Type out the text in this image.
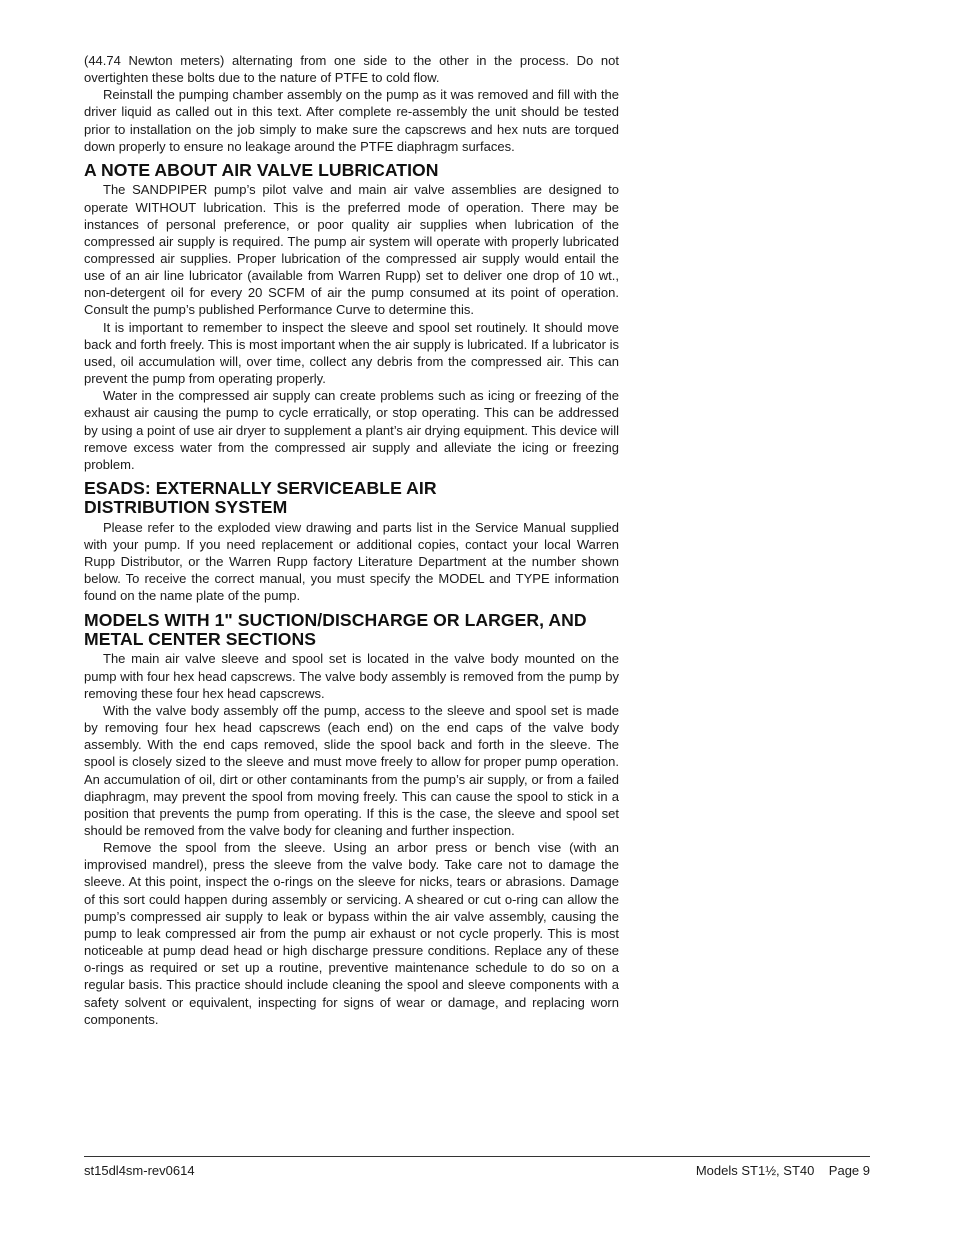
(44.74 Newton meters) alternating from one side to the other in the process. Do not overtighten these bolts due to the nature of PTFE to cold flow.

Reinstall the pumping chamber assembly on the pump as it was removed and fill with the driver liquid as called out in this text. After complete re-assembly the unit should be tested prior to installation on the job simply to make sure the capscrews and hex nuts are torqued down properly to ensure no leakage around the PTFE diaphragm surfaces.

A NOTE ABOUT AIR VALVE LUBRICATION

The SANDPIPER pump’s pilot valve and main air valve assemblies are designed to operate WITHOUT lubrication. This is the preferred mode of operation. There may be instances of personal preference, or poor quality air supplies when lubrication of the compressed air supply is required. The pump air system will operate with properly lubricated compressed air supplies. Proper lubrication of the compressed air supply would entail the use of an air line lubricator (available from Warren Rupp) set to deliver one drop of 10 wt., non-detergent oil for every 20 SCFM of air the pump consumed at its point of operation. Consult the pump’s published Performance Curve to determine this.

It is important to remember to inspect the sleeve and spool set routinely. It should move back and forth freely. This is most important when the air supply is lubricated. If a lubricator is used, oil accumulation will, over time, collect any debris from the compressed air. This can prevent the pump from operating properly.

Water in the compressed air supply can create problems such as icing or freezing of the exhaust air causing the pump to cycle erratically, or stop operating. This can be addressed by using a point of use air dryer to supplement a plant’s air drying equipment. This device will remove excess water from the compressed air supply and alleviate the icing or freezing problem.

ESADS: EXTERNALLY SERVICEABLE AIR
DISTRIBUTION SYSTEM

Please refer to the exploded view drawing and parts list in the Service Manual supplied with your pump. If you need replacement or additional copies, contact your local Warren Rupp Distributor, or the Warren Rupp factory Literature Department at the number shown below. To receive the correct manual, you must specify the MODEL and TYPE information found on the name plate of the pump.

MODELS WITH 1" SUCTION/DISCHARGE OR LARGER, AND
METAL CENTER SECTIONS

The main air valve sleeve and spool set is located in the valve body mounted on the pump with four hex head capscrews. The valve body assembly is removed from the pump by removing these four hex head capscrews.

With the valve body assembly off the pump, access to the sleeve and spool set is made by removing four hex head capscrews (each end) on the end caps of the valve body assembly. With the end caps removed, slide the spool back and forth in the sleeve. The spool is closely sized to the sleeve and must move freely to allow for proper pump operation. An accumulation of oil, dirt or other contaminants from the pump’s air supply, or from a failed diaphragm, may prevent the spool from moving freely. This can cause the spool to stick in a position that prevents the pump from operating. If this is the case, the sleeve and spool set should be removed from the valve body for cleaning and further inspection.

Remove the spool from the sleeve. Using an arbor press or bench vise (with an improvised mandrel), press the sleeve from the valve body. Take care not to damage the sleeve. At this point, inspect the o-rings on the sleeve for nicks, tears or abrasions. Damage of this sort could happen during assembly or servicing. A sheared or cut o-ring can allow the pump’s compressed air supply to leak or bypass within the air valve assembly, causing the pump to leak compressed air from the pump air exhaust or not cycle properly. This is most noticeable at pump dead head or high discharge pressure conditions. Replace any of these o-rings as required or set up a routine, preventive maintenance schedule to do so on a regular basis. This practice should include cleaning the spool and sleeve components with a safety solvent or equivalent, inspecting for signs of wear or damage, and replacing worn components.

st15dl4sm-rev0614	Models ST1½, ST40    Page 9
